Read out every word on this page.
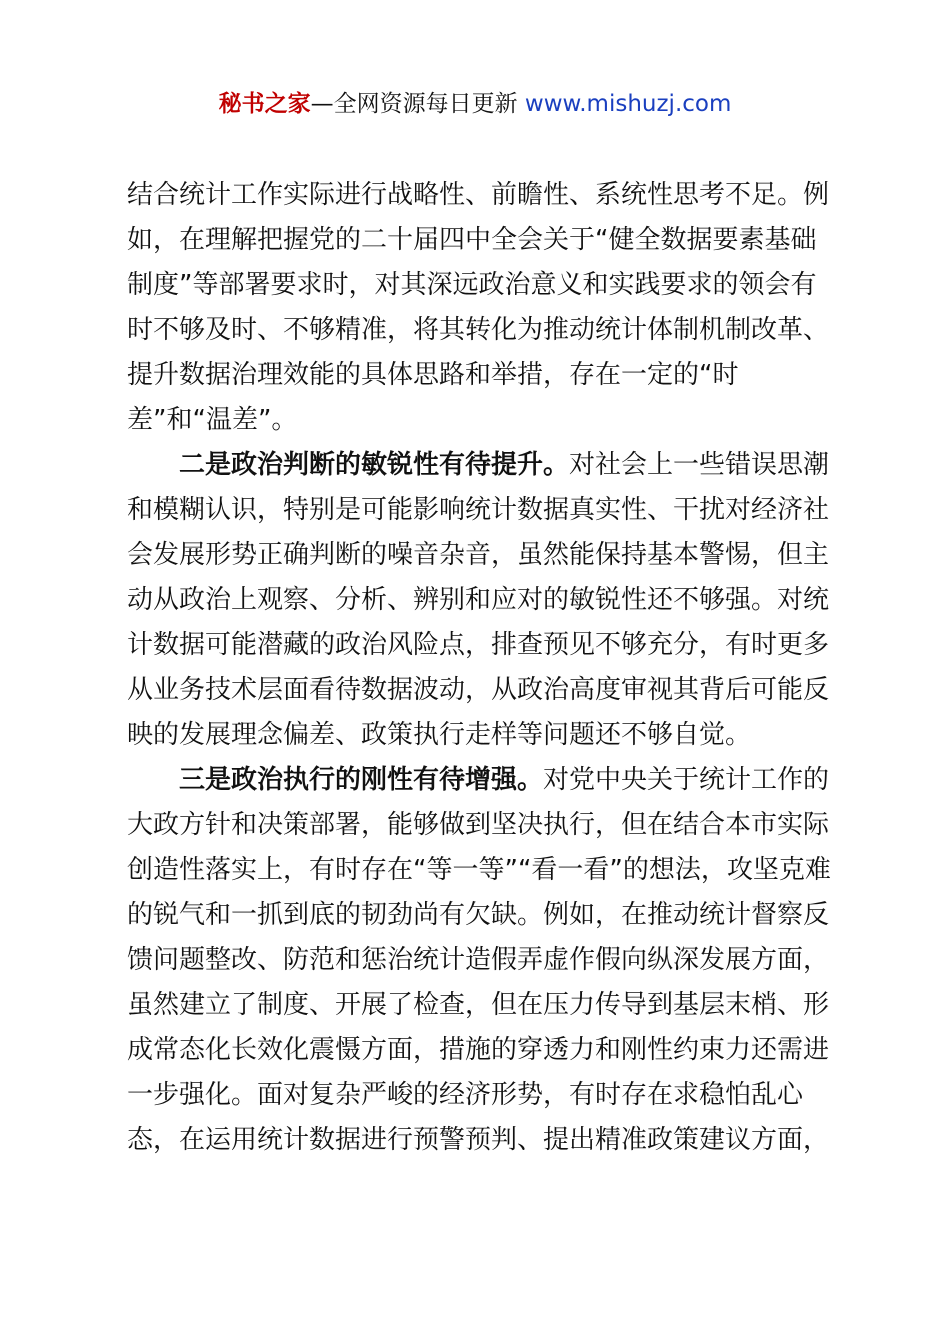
秘书之家—全网资源每日更新 www.mishuzj.com

结合统计工作实际进行战略性、前瞻性、系统性思考不足。例如，在理解把握党的二十届四中全会关于“健全数据要素基础制度”等部署要求时，对其深远政治意义和实践要求的领会有时不够及时、不够精准，将其转化为推动统计体制机制改革、提升数据治理效能的具体思路和举措，存在一定的“时差”和“温差”。

二是政治判断的敏锐性有待提升。对社会上一些错误思潮和模糊认识，特别是可能影响统计数据真实性、干扰对经济社会发展形势正确判断的噪音杂音，虽然能保持基本警惕，但主动从政治上观察、分析、辨别和应对的敏锐性还不够强。对统计数据可能潜藏的政治风险点，排查预见不够充分，有时更多从业务技术层面看待数据波动，从政治高度审视其背后可能反映的发展理念偏差、政策执行走样等问题还不够自觉。

三是政治执行的刚性有待增强。对党中央关于统计工作的大政方针和决策部署，能够做到坚决执行，但在结合本市实际创造性落实上，有时存在“等一等”“看一看”的想法，攻坚克难的锐气和一抓到底的韧劲尚有欠缺。例如，在推动统计督察反馈问题整改、防范和惩治统计造假弄虚作假向纵深发展方面，虽然建立了制度、开展了检查，但在压力传导到基层末梢、形成常态化长效化震慑方面，措施的穿透力和刚性约束力还需进一步强化。面对复杂严峻的经济形势，有时存在求稳怕乱心态，在运用统计数据进行预警预判、提出精准政策建议方面，
